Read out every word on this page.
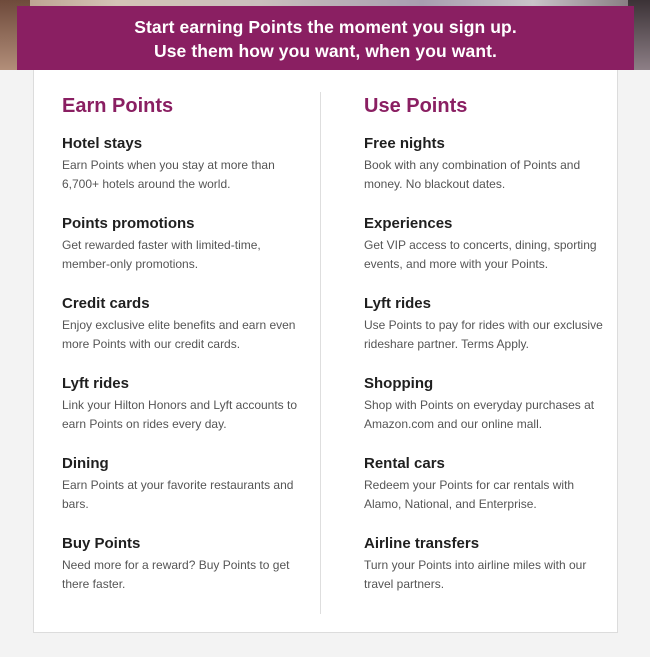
Start earning Points the moment you sign up.
Use them how you want, when you want.
Earn Points
Hotel stays

Earn Points when you stay at more than 6,700+ hotels around the world.

Points promotions

Get rewarded faster with limited-time, member-only promotions.

Credit cards

Enjoy exclusive elite benefits and earn even more Points with our credit cards.

Lyft rides

Link your Hilton Honors and Lyft accounts to earn Points on rides every day.

Dining

Earn Points at your favorite restaurants and bars.

Buy Points

Need more for a reward? Buy Points to get there faster.

Use Points
Free nights

Book with any combination of Points and money. No blackout dates.

Experiences

Get VIP access to concerts, dining, sporting events, and more with your Points.

Lyft rides

Use Points to pay for rides with our exclusive rideshare partner. Terms Apply.

Shopping

Shop with Points on everyday purchases at Amazon.com and our online mall.

Rental cars

Redeem your Points for car rentals with Alamo, National, and Enterprise.

Airline transfers

Turn your Points into airline miles with our travel partners.
